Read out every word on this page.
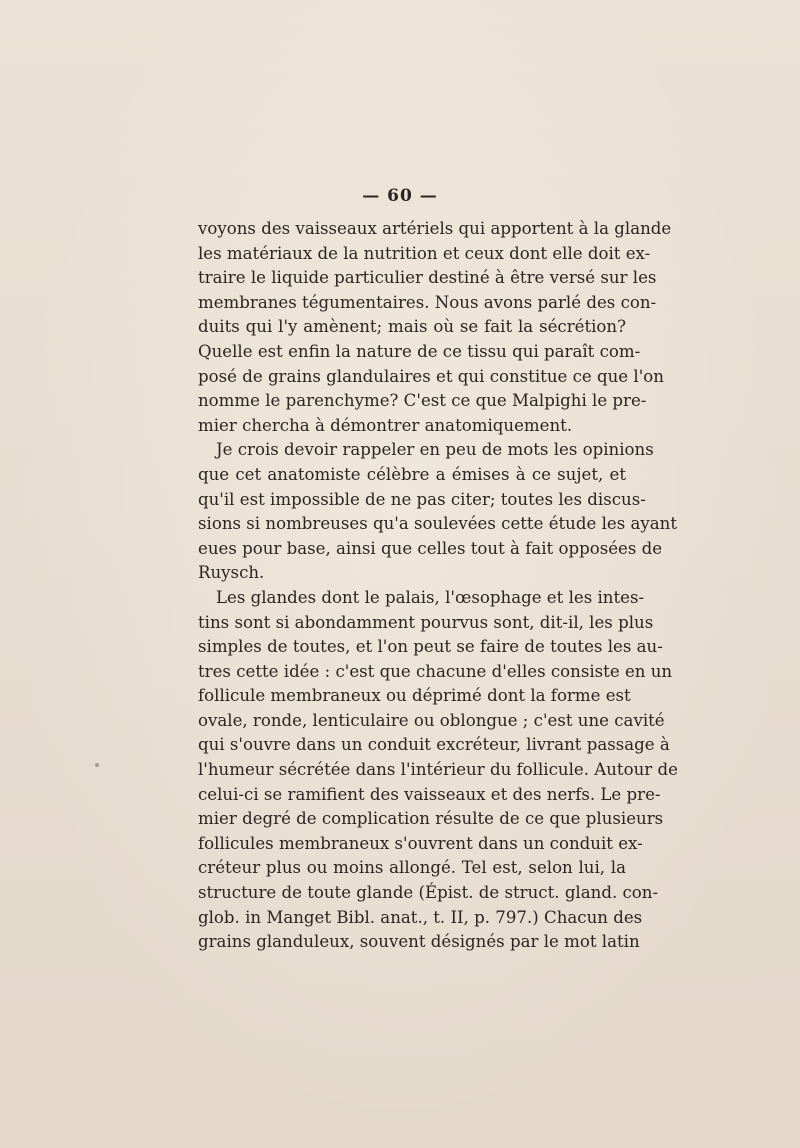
— 60 —
voyons des vaisseaux artériels qui apportent à la glande
les matériaux de la nutrition et ceux dont elle doit ex-
traire le liquide particulier destiné à être versé sur les
membranes tégumentaires. Nous avons parlé des con-
duits qui l'y amènent; mais où se fait la sécrétion?
Quelle est enfin la nature de ce tissu qui paraît com-
posé de grains glandulaires et qui constitue ce que l'on
nomme le parenchyme? C'est ce que Malpighi le pre-
mier chercha à démontrer anatomiquement.
Je crois devoir rappeler en peu de mots les opinions
que cet anatomiste célèbre a émises à ce sujet, et
qu'il est impossible de ne pas citer; toutes les discus-
sions si nombreuses qu'a soulevées cette étude les ayant
eues pour base, ainsi que celles tout à fait opposées de
Ruysch.
Les glandes dont le palais, l'œsophage et les intes-
tins sont si abondamment pourvus sont, dit-il, les plus
simples de toutes, et l'on peut se faire de toutes les au-
tres cette idée : c'est que chacune d'elles consiste en un
follicule membraneux ou déprimé dont la forme est
ovale, ronde, lenticulaire ou oblongue ; c'est une cavité
qui s'ouvre dans un conduit excréteur, livrant passage à
l'humeur sécrétée dans l'intérieur du follicule. Autour de
celui-ci se ramifient des vaisseaux et des nerfs. Le pre-
mier degré de complication résulte de ce que plusieurs
follicules membraneux s'ouvrent dans un conduit ex-
créteur plus ou moins allongé. Tel est, selon lui, la
structure de toute glande (Épist. de struct. gland. con-
glob. in Manget Bibl. anat., t. II, p. 797.) Chacun des
grains glanduleux, souvent désignés par le mot latin
